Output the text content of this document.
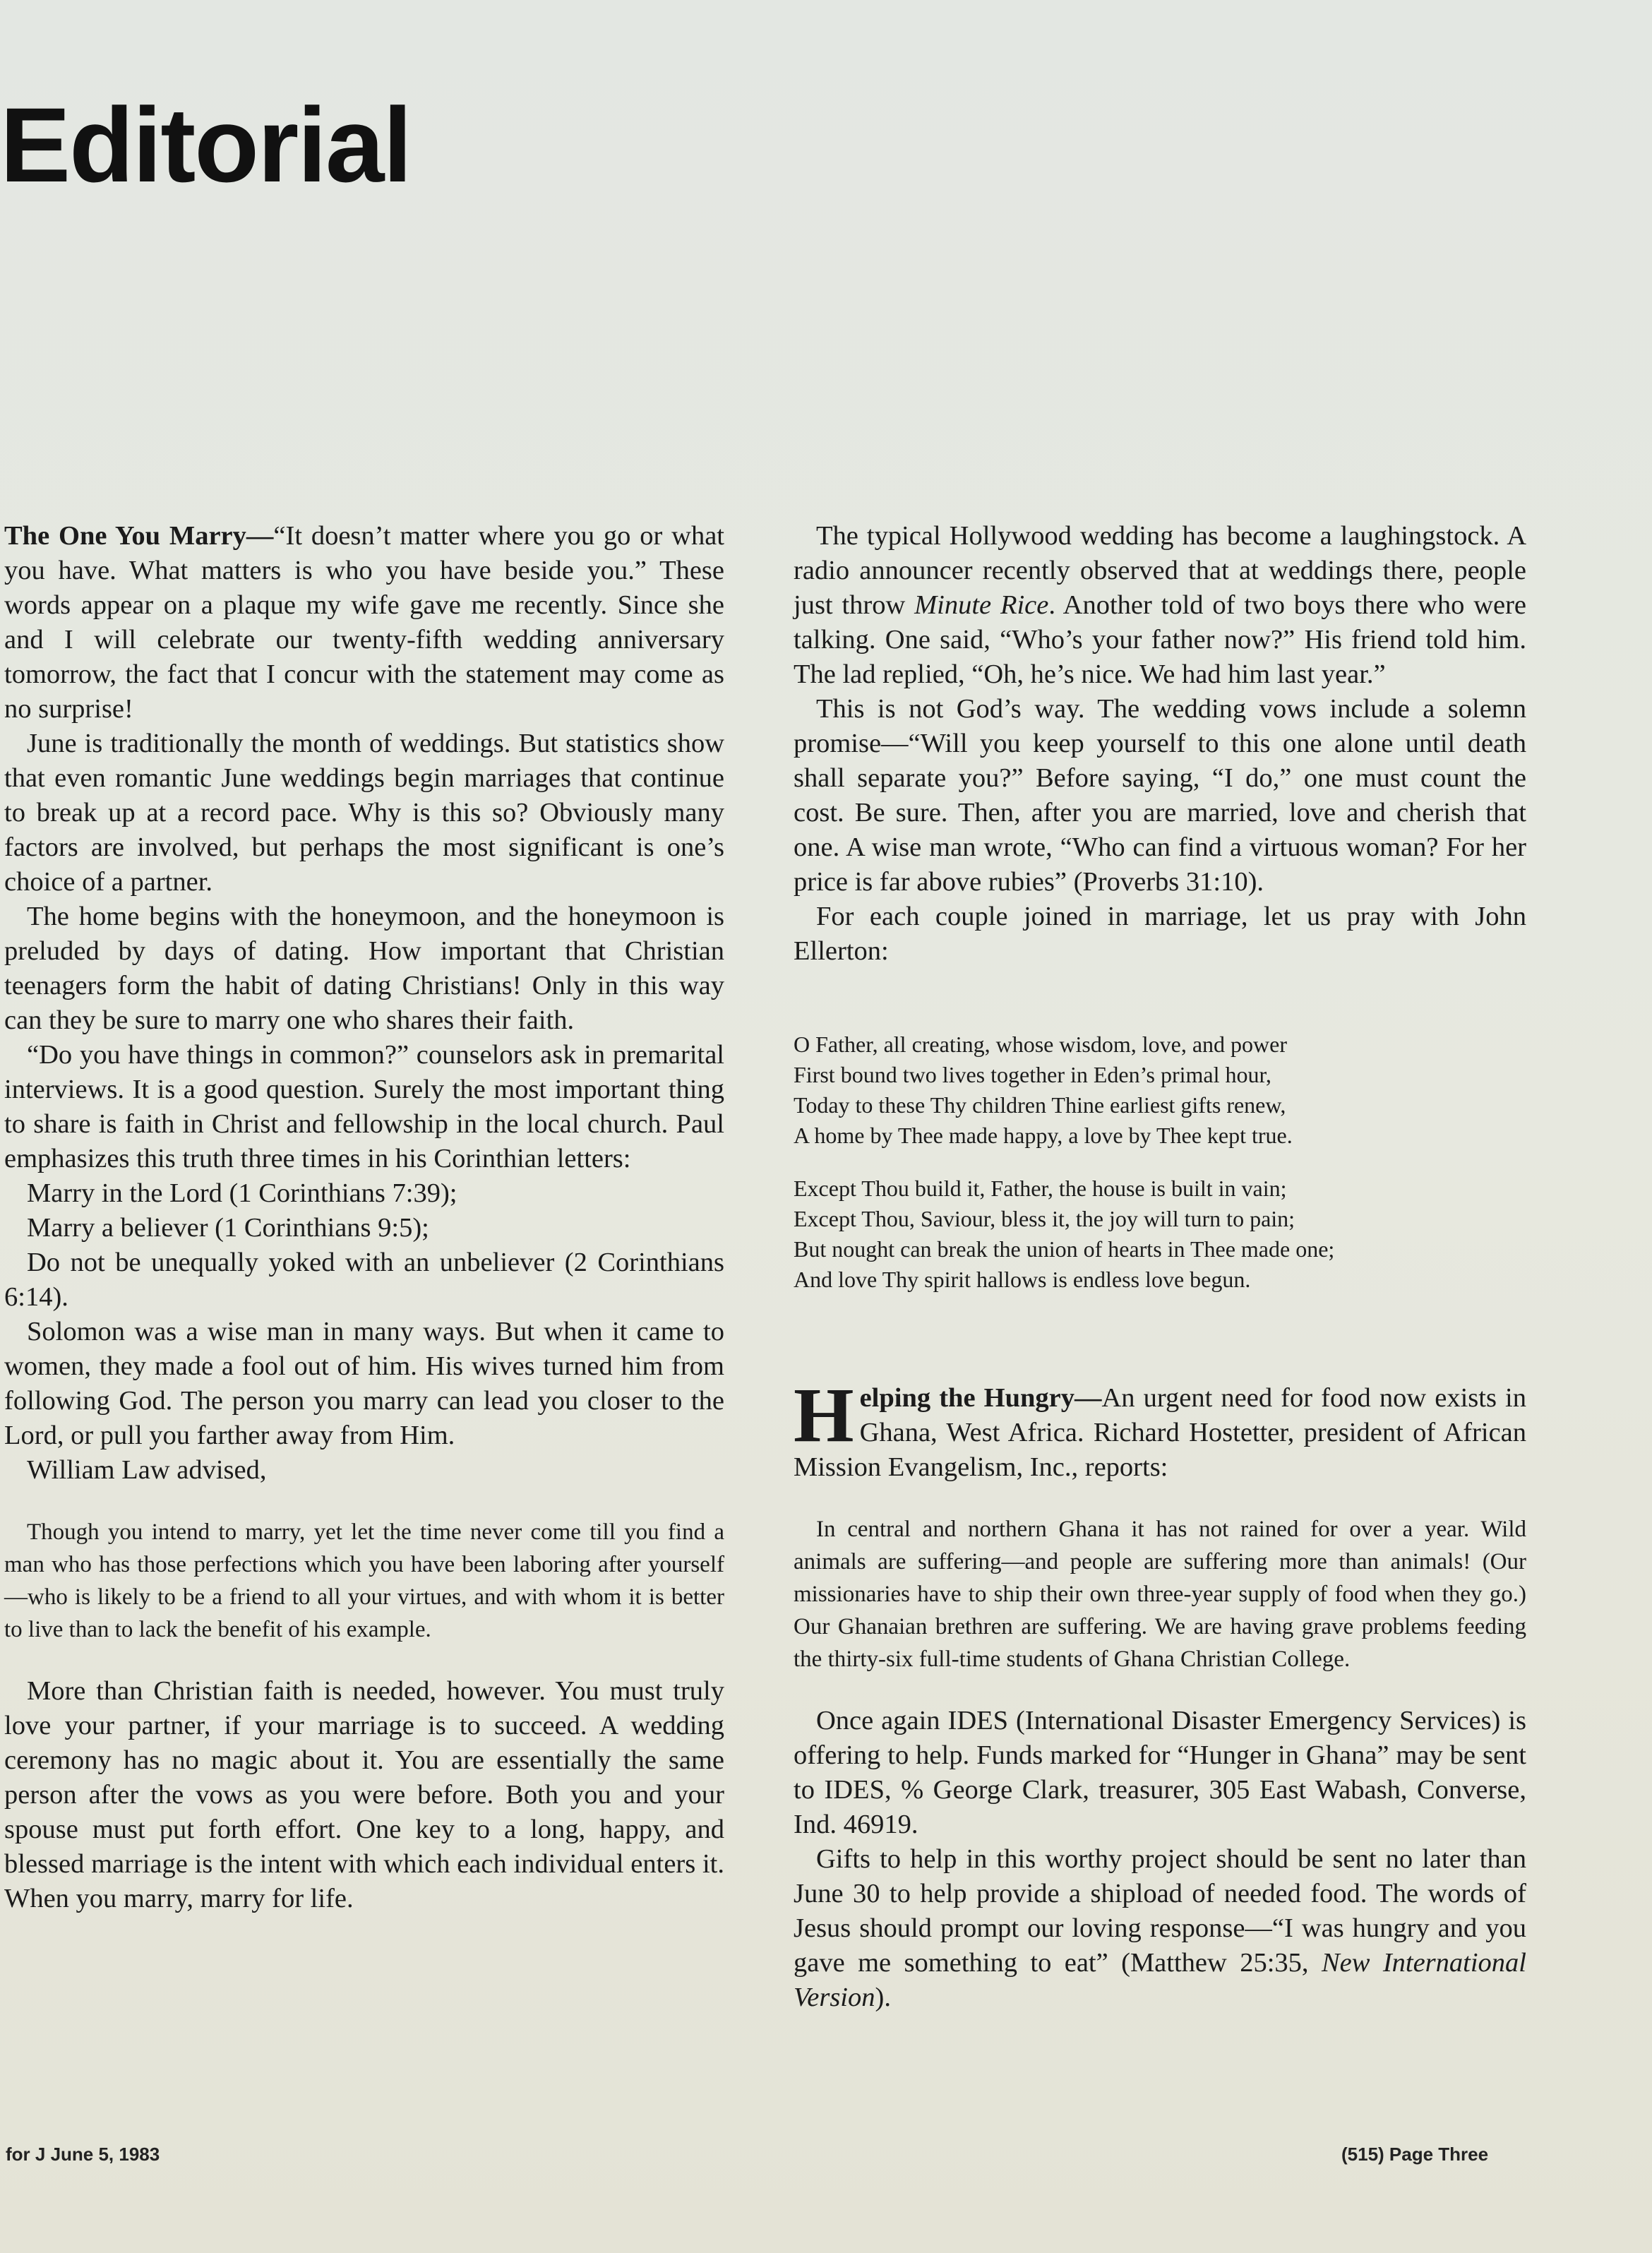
Editorial

The One You Marry—“It doesn’t matter where you go or what you have. What matters is who you have beside you.” These words appear on a plaque my wife gave me recently. Since she and I will celebrate our twenty-fifth wedding anniversary tomorrow, the fact that I concur with the statement may come as no surprise!

June is traditionally the month of weddings. But statistics show that even romantic June weddings begin marriages that continue to break up at a record pace. Why is this so? Obviously many factors are involved, but perhaps the most significant is one’s choice of a partner.

The home begins with the honeymoon, and the honeymoon is preluded by days of dating. How important that Christian teenagers form the habit of dating Christians! Only in this way can they be sure to marry one who shares their faith.

“Do you have things in common?” counselors ask in premarital interviews. It is a good question. Surely the most important thing to share is faith in Christ and fellowship in the local church. Paul emphasizes this truth three times in his Corinthian letters:

Marry in the Lord (1 Corinthians 7:39);

Marry a believer (1 Corinthians 9:5);

Do not be unequally yoked with an unbeliever (2 Corinthians 6:14).

Solomon was a wise man in many ways. But when it came to women, they made a fool out of him. His wives turned him from following God. The person you marry can lead you closer to the Lord, or pull you farther away from Him.

William Law advised,

Though you intend to marry, yet let the time never come till you find a man who has those perfections which you have been laboring after yourself—who is likely to be a friend to all your virtues, and with whom it is better to live than to lack the benefit of his example.

More than Christian faith is needed, however. You must truly love your partner, if your marriage is to succeed. A wedding ceremony has no magic about it. You are essentially the same person after the vows as you were before. Both you and your spouse must put forth effort. One key to a long, happy, and blessed marriage is the intent with which each individual enters it. When you marry, marry for life.

The typical Hollywood wedding has become a laughingstock. A radio announcer recently observed that at weddings there, people just throw Minute Rice. Another told of two boys there who were talking. One said, “Who’s your father now?” His friend told him. The lad replied, “Oh, he’s nice. We had him last year.”

This is not God’s way. The wedding vows include a solemn promise—“Will you keep yourself to this one alone until death shall separate you?” Before saying, “I do,” one must count the cost. Be sure. Then, after you are married, love and cherish that one. A wise man wrote, “Who can find a virtuous woman? For her price is far above rubies” (Proverbs 31:10).

For each couple joined in marriage, let us pray with John Ellerton:

O Father, all creating, whose wisdom, love, and power
First bound two lives together in Eden’s primal hour,
Today to these Thy children Thine earliest gifts renew,
A home by Thee made happy, a love by Thee kept true.
Except Thou build it, Father, the house is built in vain;
Except Thou, Saviour, bless it, the joy will turn to pain;
But nought can break the union of hearts in Thee made one;
And love Thy spirit hallows is endless love begun.

Helping the Hungry—An urgent need for food now exists in Ghana, West Africa. Richard Hostetter, president of African Mission Evangelism, Inc., reports:

In central and northern Ghana it has not rained for over a year. Wild animals are suffering—and people are suffering more than animals! (Our missionaries have to ship their own three-year supply of food when they go.) Our Ghanaian brethren are suffering. We are having grave problems feeding the thirty-six full-time students of Ghana Christian College.

Once again IDES (International Disaster Emergency Services) is offering to help. Funds marked for “Hunger in Ghana” may be sent to IDES, % George Clark, treasurer, 305 East Wabash, Converse, Ind. 46919.

Gifts to help in this worthy project should be sent no later than June 30 to help provide a shipload of needed food. The words of Jesus should prompt our loving response—“I was hungry and you gave me something to eat” (Matthew 25:35, New International Version).

for J June 5, 1983	(515) Page Three
